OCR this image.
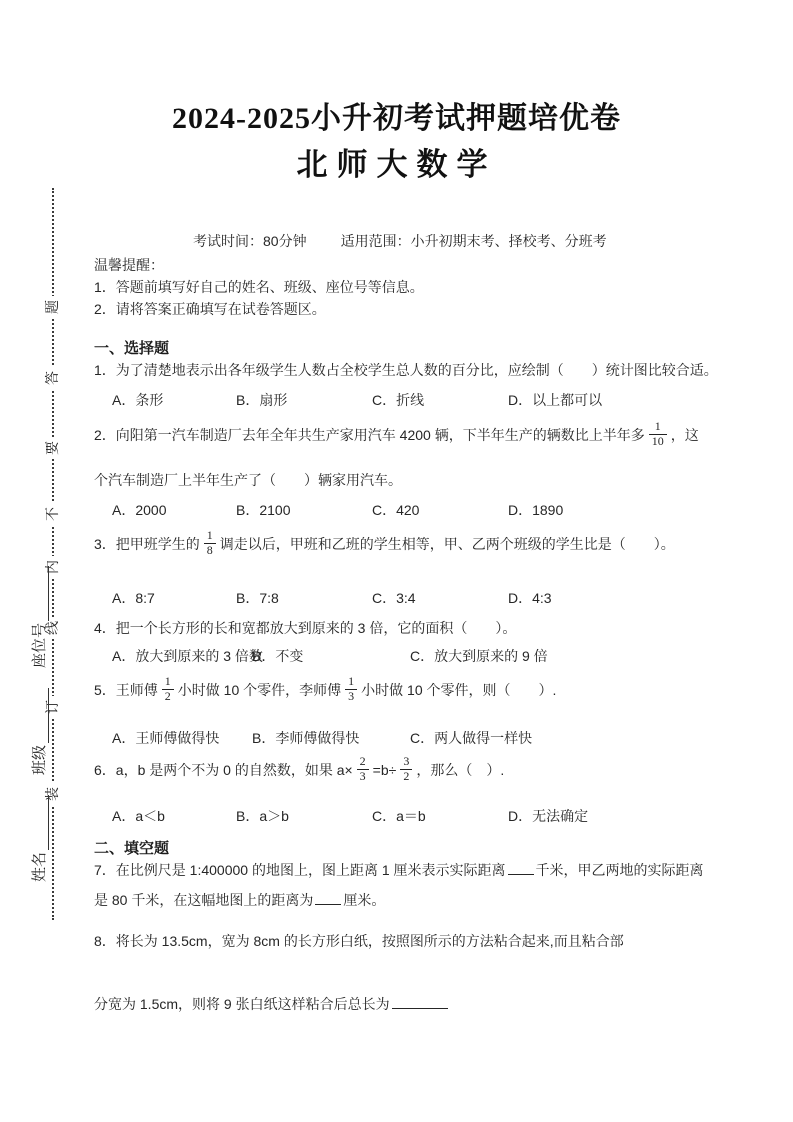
题
答
要
不
内
线
订
装
姓名
班级
座位号
2024-2025小升初考试押题培优卷
北师大数学
考试时间：80分钟 适用范围：小升初期末考、择校考、分班考
温馨提醒：
1．答题前填写好自己的姓名、班级、座位号等信息。
2．请将答案正确填写在试卷答题区。
一、选择题
1．为了清楚地表示出各年级学生人数占全校学生总人数的百分比，应绘制（　　）统计图比较合适。
A．条形	B．扇形	C．折线	D．以上都可以
2．向阳第一汽车制造厂去年全年共生产家用汽车 4200 辆，下半年生产的辆数比上半年多 $\frac{1}{10}$ ，这
个汽车制造厂上半年生产了（　　）辆家用汽车。
A．2000	B．2100	C．420	D．1890
3．把甲班学生的 $\frac{1}{8}$ 调走以后，甲班和乙班的学生相等，甲、乙两个班级的学生比是（　　）。
A．8:7	B．7:8	C．3:4	D．4:3
4．把一个长方形的长和宽都放大到原来的 3 倍，它的面积（　　）。
A．放大到原来的 3 倍数
B．不变	C．放大到原来的 9 倍
5．王师傅 $\frac{1}{2}$ 小时做 10 个零件，李师傅 $\frac{1}{3}$ 小时做 10 个零件，则（　　）.
A．王师傅做得快 B．李师傅做得快	C．两人做得一样快
6．a，b 是两个不为 0 的自然数，如果 $a\times \frac{2}{3} =b\div \frac{3}{2}$ ，那么（　）.
A．a＜b	B．a＞b	C．a＝b	D．无法确定
二、填空题
7．在比例尺是 1:400000 的地图上，图上距离 1 厘米表示实际距离 千米，甲乙两地的实际距离
是 80 千米，在这幅地图上的距离为 厘米。
8．将长为 13.5cm，宽为 8cm 的长方形白纸，按照图所示的方法粘合起来,而且粘合部
分宽为 1.5cm，则将 9 张白纸这样粘合后总长为
